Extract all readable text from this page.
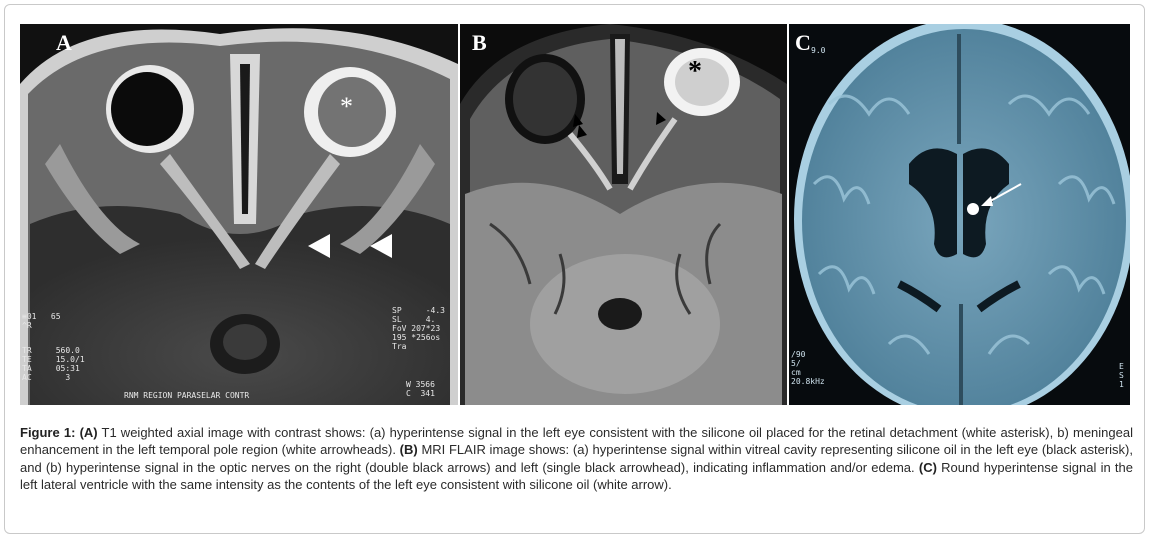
A
*
≡01 65
^R
TR	560.0
TE	15.0/1
TA	05:31
AC	3
SP	-4.3
SL	4.
FoV 207*23
195 *256os
Tra
W 3566
C  341
RNM REGION PARASELAR CONTR
B
*
C 9.0
/90
5/
cm
20.8kHz
E
S
1
Figure 1: (A) T1 weighted axial image with contrast shows: (a) hyperintense signal in the left eye consistent with the silicone oil placed for the retinal detachment (white asterisk), b) meningeal enhancement in the left temporal pole region (white arrowheads). (B) MRI FLAIR image shows: (a) hyperintense signal within vitreal cavity representing silicone oil in the left eye (black asterisk), and (b) hyperintense signal in the optic nerves on the right (double black arrows) and left (single black arrowhead), indicating inflammation and/or edema. (C) Round hyperintense signal in the left lateral ventricle with the same intensity as the contents of the left eye consistent with silicone oil (white arrow).
